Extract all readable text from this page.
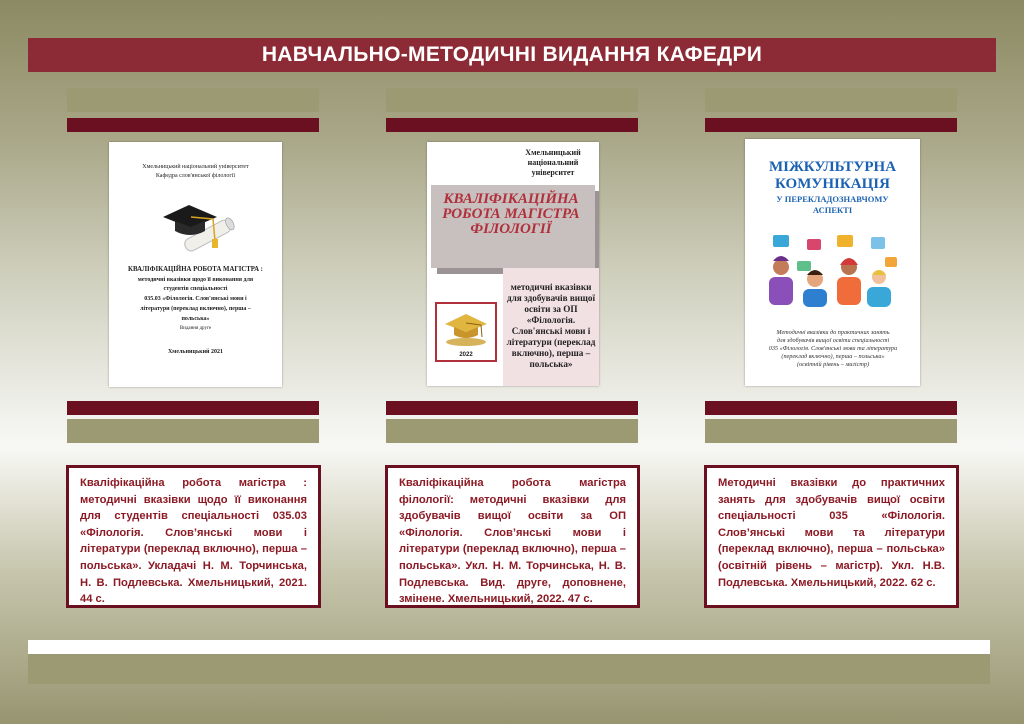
НАВЧАЛЬНО-МЕТОДИЧНІ ВИДАННЯ КАФЕДРИ
Хмельницький національний університет
Кафедра слов'янської філології
КВАЛІФІКАЦІЙНА РОБОТА МАГІСТРА :
методичні вказівки щодо її виконання для
студентів спеціальності
035.03 «Філологія. Слов'янські мови і
літератури (переклад включно), перша –
польська»
Видання друге
Хмельницький 2021
Хмельницький національний університет
КВАЛІФІКАЦІЙНА РОБОТА МАГІСТРА ФІЛОЛОГІЇ
методичні вказівки для здобувачів вищої освіти за ОП «Філологія. Слов'янські мови і літератури (переклад включно), перша – польська»
2022
МІЖКУЛЬТУРНА
КОМУНІКАЦІЯ
У ПЕРЕКЛАДОЗНАВЧОМУ
АСПЕКТІ
Методичні вказівки до практичних занять
для здобувачів вищої освіти спеціальності
035 «Філологія. Слов'янські мови та літератури
(переклад включно), перша – польська»
(освітній рівень – магістр)
Кваліфікаційна робота магістра : методичні вказівки щодо її виконання для студентів спеціальності 035.03 «Філологія. Слов’янські мови і літератури (переклад включно), перша – польська». Укладачі Н. М. Торчинська, Н. В. Подлевська. Хмельницький, 2021. 44 с.
Кваліфікаційна робота магістра філології: методичні вказівки для здобувачів вищої освіти за ОП «Філологія. Слов’янські мови і літератури (переклад включно), перша – польська». Укл. Н. М. Торчинська, Н. В. Подлевська. Вид. друге, доповнене, змінене. Хмельницький, 2022. 47 с.
Методичні вказівки до практичних занять для здобувачів вищої освіти спеціальності 035 «Філологія. Слов’янські мови та літератури (переклад включно), перша – польська» (освітній рівень – магістр). Укл. Н.В. Подлевська. Хмельницький, 2022. 62 с.
